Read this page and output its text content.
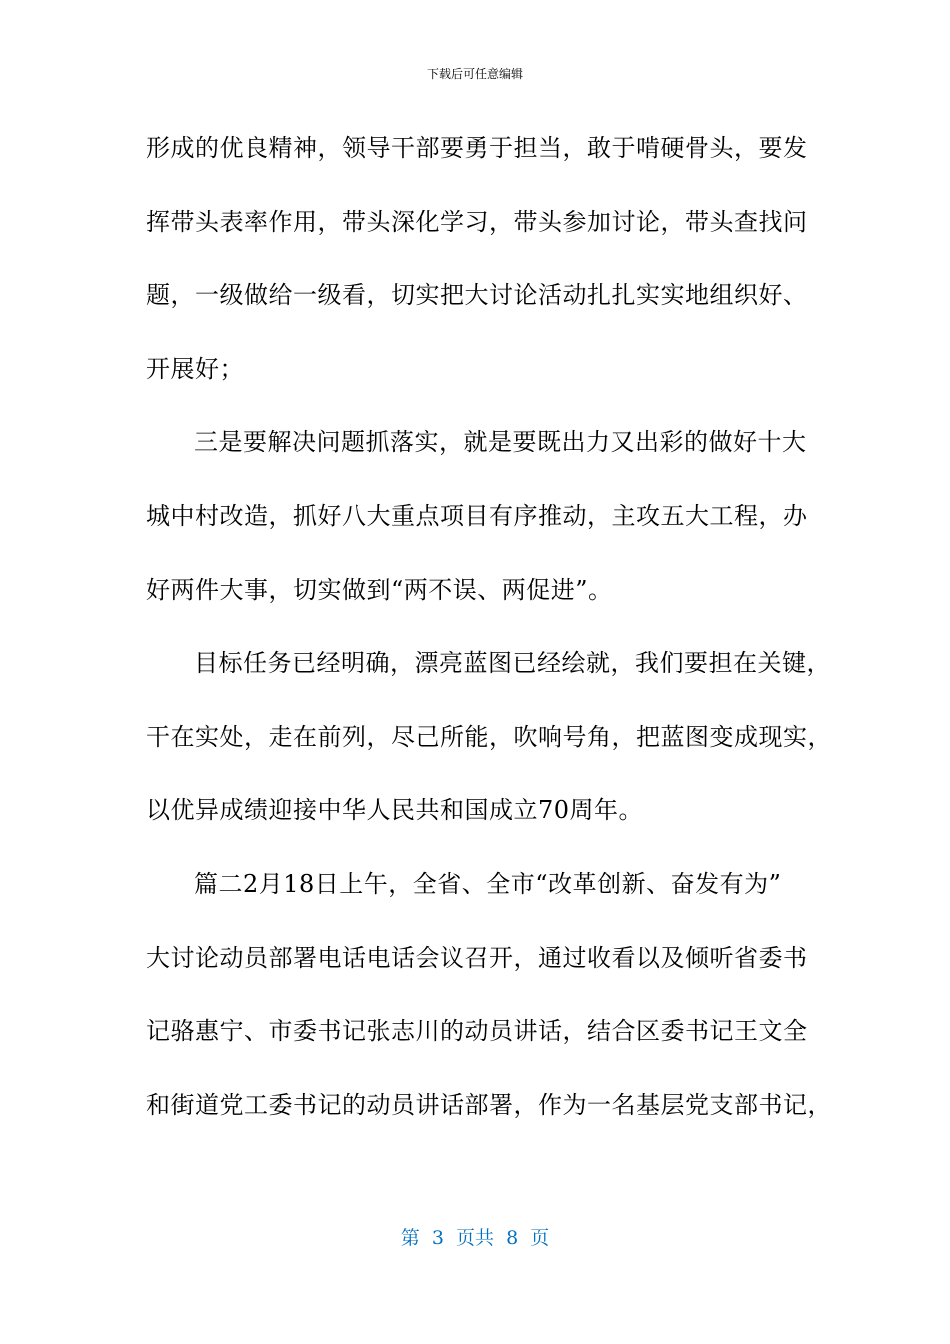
下载后可任意编辑
形成的优良精神，领导干部要勇于担当，敢于啃硬骨头，要发
挥带头表率作用，带头深化学习，带头参加讨论，带头查找问
题，一级做给一级看，切实把大讨论活动扎扎实实地组织好、
开展好；
三是要解决问题抓落实，就是要既出力又出彩的做好十大
城中村改造，抓好八大重点项目有序推动，主攻五大工程，办
好两件大事，切实做到“两不误、两促进”。
目标任务已经明确，漂亮蓝图已经绘就，我们要担在关键，
干在实处，走在前列，尽己所能，吹响号角，把蓝图变成现实，
以优异成绩迎接中华人民共和国成立70周年。
篇二2月18日上午，全省、全市“改革创新、奋发有为”
大讨论动员部署电话电话会议召开，通过收看以及倾听省委书
记骆惠宁、市委书记张志川的动员讲话，结合区委书记王文全
和街道党工委书记的动员讲话部署，作为一名基层党支部书记，
第  3  页共  8  页
